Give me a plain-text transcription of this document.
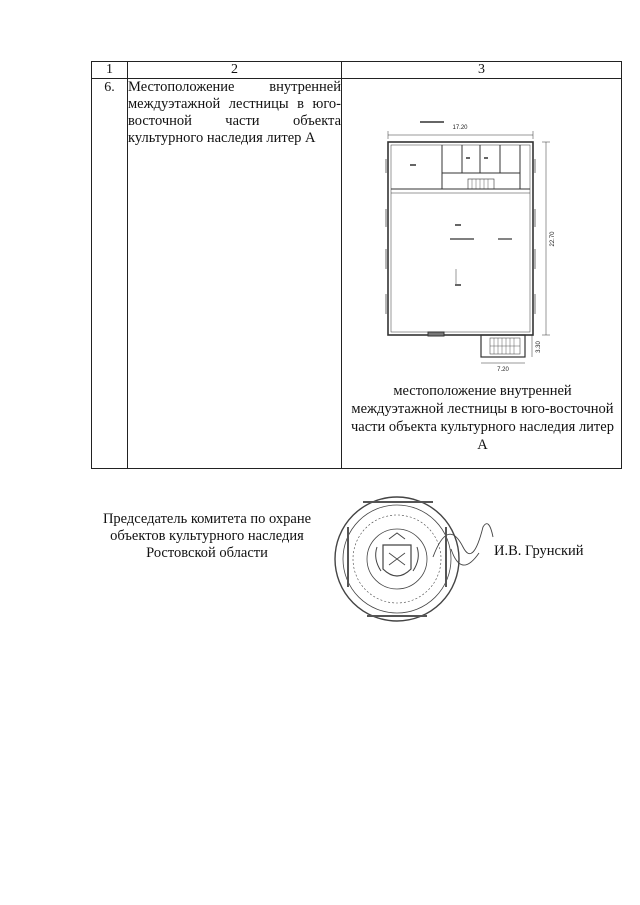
1	2	3
6.	Местоположение внутренней междуэтажной лестницы в юго-восточной части объекта культурного наследия литер А	17.20
22.70
7.20
3.30
местоположение внутренней междуэтажной лестницы в юго-восточной части объекта культурного наследия литер А
Председатель комитета по охране объектов культурного наследия Ростовской области	И.В. Грунский
